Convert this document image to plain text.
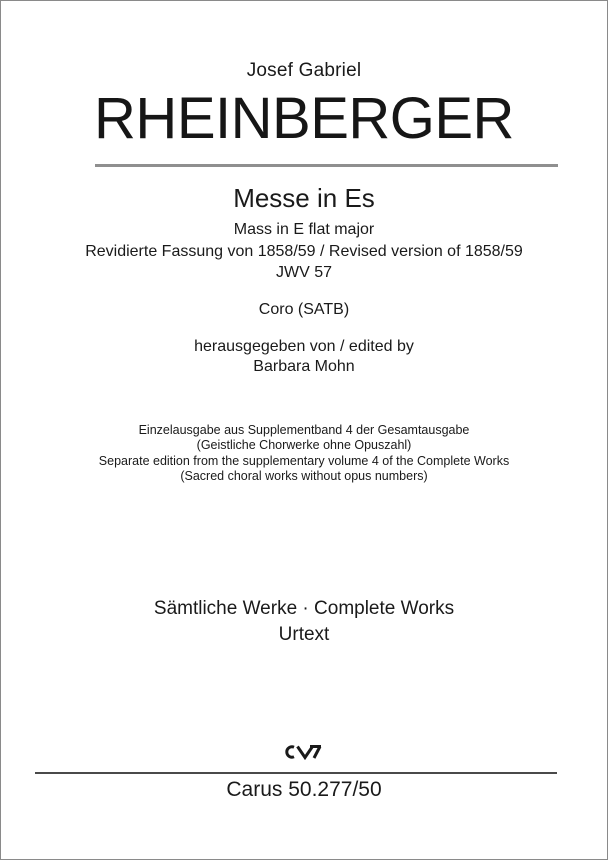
Josef Gabriel
RHEINBERGER
Messe in Es
Mass in E flat major
Revidierte Fassung von 1858/59 / Revised version of 1858/59
JWV 57
Coro (SATB)
herausgegeben von / edited by
Barbara Mohn
Einzelausgabe aus Supplementband 4 der Gesamtausgabe
(Geistliche Chorwerke ohne Opuszahl)
Separate edition from the supplementary volume 4 of the Complete Works
(Sacred choral works without opus numbers)
Sämtliche Werke · Complete Works
Urtext
Carus 50.277/50
